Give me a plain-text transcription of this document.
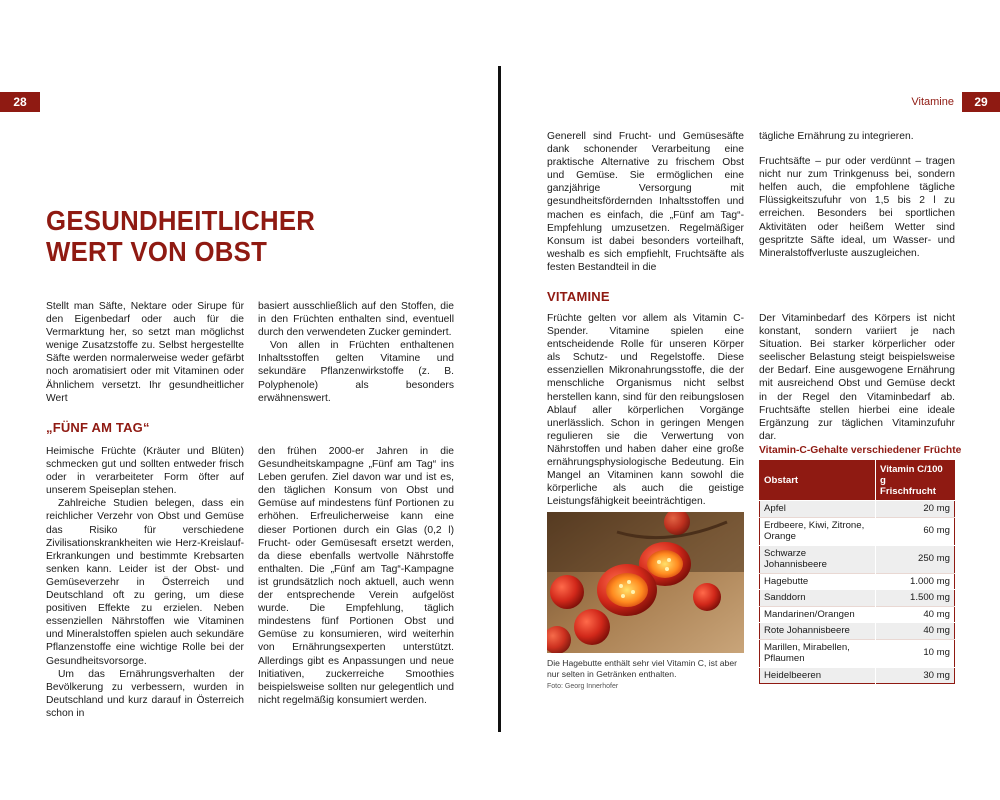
28
GESUNDHEITLICHER
WERT VON OBST

Stellt man Säfte, Nektare oder Sirupe für den Eigenbedarf oder auch für die Vermarktung her, so setzt man möglichst wenige Zusatzstoffe zu. Selbst hergestellte Säfte werden normalerweise weder gefärbt noch aromatisiert oder mit Vitaminen oder Ähnlichem versetzt. Ihr gesundheitlicher Wert

basiert ausschließlich auf den Stoffen, die in den Früchten enthalten sind, eventuell durch den verwendeten Zucker gemindert.

Von allen in Früchten enthaltenen Inhaltsstoffen gelten Vitamine und sekundäre Pflanzenwirkstoffe (z. B. Polyphenole) als besonders erwähnenswert.

„FÜNF AM TAG“

Heimische Früchte (Kräuter und Blüten) schmecken gut und sollten entweder frisch oder in verarbeiteter Form öfter auf unserem Speiseplan stehen.

Zahlreiche Studien belegen, dass ein reichlicher Verzehr von Obst und Gemüse das Risiko für verschiedene Zivilisationskrankheiten wie Herz-Kreislauf-Erkrankungen und bestimmte Krebsarten senken kann. Leider ist der Obst- und Gemüseverzehr in Österreich und Deutschland oft zu gering, um diese positiven Effekte zu erzielen. Neben essenziellen Nährstoffen wie Vitaminen und Mineralstoffen spielen auch sekundäre Pflanzenstoffe eine wichtige Rolle bei der Gesundheitsvorsorge.

Um das Ernährungsverhalten der Bevölkerung zu verbessern, wurden in Deutschland und kurz darauf in Österreich schon in

den frühen 2000-er Jahren in die Gesundheitskampagne „Fünf am Tag“ ins Leben gerufen. Ziel davon war und ist es, den täglichen Konsum von Obst und Gemüse auf mindestens fünf Portionen zu erhöhen. Erfreulicherweise kann eine dieser Portionen durch ein Glas (0,2 l) Frucht- oder Gemüsesaft ersetzt werden, da diese ebenfalls wertvolle Nährstoffe enthalten. Die „Fünf am Tag“-Kampagne ist grundsätzlich noch aktuell, auch wenn der entsprechende Verein aufgelöst wurde. Die Empfehlung, täglich mindestens fünf Portionen Obst und Gemüse zu konsumieren, wird weiterhin von Ernährungsexperten unterstützt. Allerdings gibt es Anpassungen und neue Initiativen, zuckerreiche Smoothies beispielsweise sollten nur gelegentlich und nicht regelmäßig konsumiert werden.

Vitamine	29

Generell sind Frucht- und Gemüsesäfte dank schonender Verarbeitung eine praktische Alternative zu frischem Obst und Gemüse. Sie ermöglichen eine ganzjährige Versorgung mit gesundheitsfördernden Inhaltsstoffen und machen es einfach, die „Fünf am Tag“-Empfehlung umzusetzen. Regelmäßiger Konsum ist dabei besonders vorteilhaft, weshalb es sich empfiehlt, Fruchtsäfte als festen Bestandteil in die

tägliche Ernährung zu integrieren.

Fruchtsäfte – pur oder verdünnt – tragen nicht nur zum Trinkgenuss bei, sondern helfen auch, die empfohlene tägliche Flüssigkeitszufuhr von 1,5 bis 2 l zu erreichen. Besonders bei sportlichen Aktivitäten oder heißem Wetter sind gespritzte Säfte ideal, um Wasser- und Mineralstoffverluste auszugleichen.

VITAMINE

Früchte gelten vor allem als Vitamin C-Spender. Vitamine spielen eine entscheidende Rolle für unseren Körper als Schutz- und Regelstoffe. Diese essenziellen Mikronahrungsstoffe, die der menschliche Organismus nicht selbst herstellen kann, sind für den reibungslosen Ablauf aller körperlichen Vorgänge unerlässlich. Schon in geringen Mengen regulieren sie die Verwertung von Nährstoffen und haben daher eine große ernährungsphysiologische Bedeutung. Ein Mangel an Vitaminen kann sowohl die körperliche als auch die geistige Leistungsfähigkeit beeinträchtigen.

Der Vitaminbedarf des Körpers ist nicht konstant, sondern variiert je nach Situation. Bei starker körperlicher oder seelischer Belastung steigt beispielsweise der Bedarf. Eine ausgewogene Ernährung mit ausreichend Obst und Gemüse deckt in der Regel den Vitaminbedarf ab. Fruchtsäfte stellen hierbei eine ideale Ergänzung zur täglichen Vitaminzufuhr dar.

Die Hagebutte enthält sehr viel Vitamin C, ist aber nur selten in Getränken enthalten.
Foto: Georg Innerhofer
Vitamin-C-Gehalte verschiedener Früchte
Obstart	Vitamin C/100 g
Frischfrucht

Apfel	20 mg
Erdbeere, Kiwi, Zitrone, Orange	60 mg
Schwarze Johannisbeere	250 mg
Hagebutte	1.000 mg
Sanddorn	1.500 mg
Mandarinen/Orangen	40 mg
Rote Johannisbeere	40 mg
Marillen, Mirabellen, Pflaumen	10 mg
Heidelbeeren	30 mg
